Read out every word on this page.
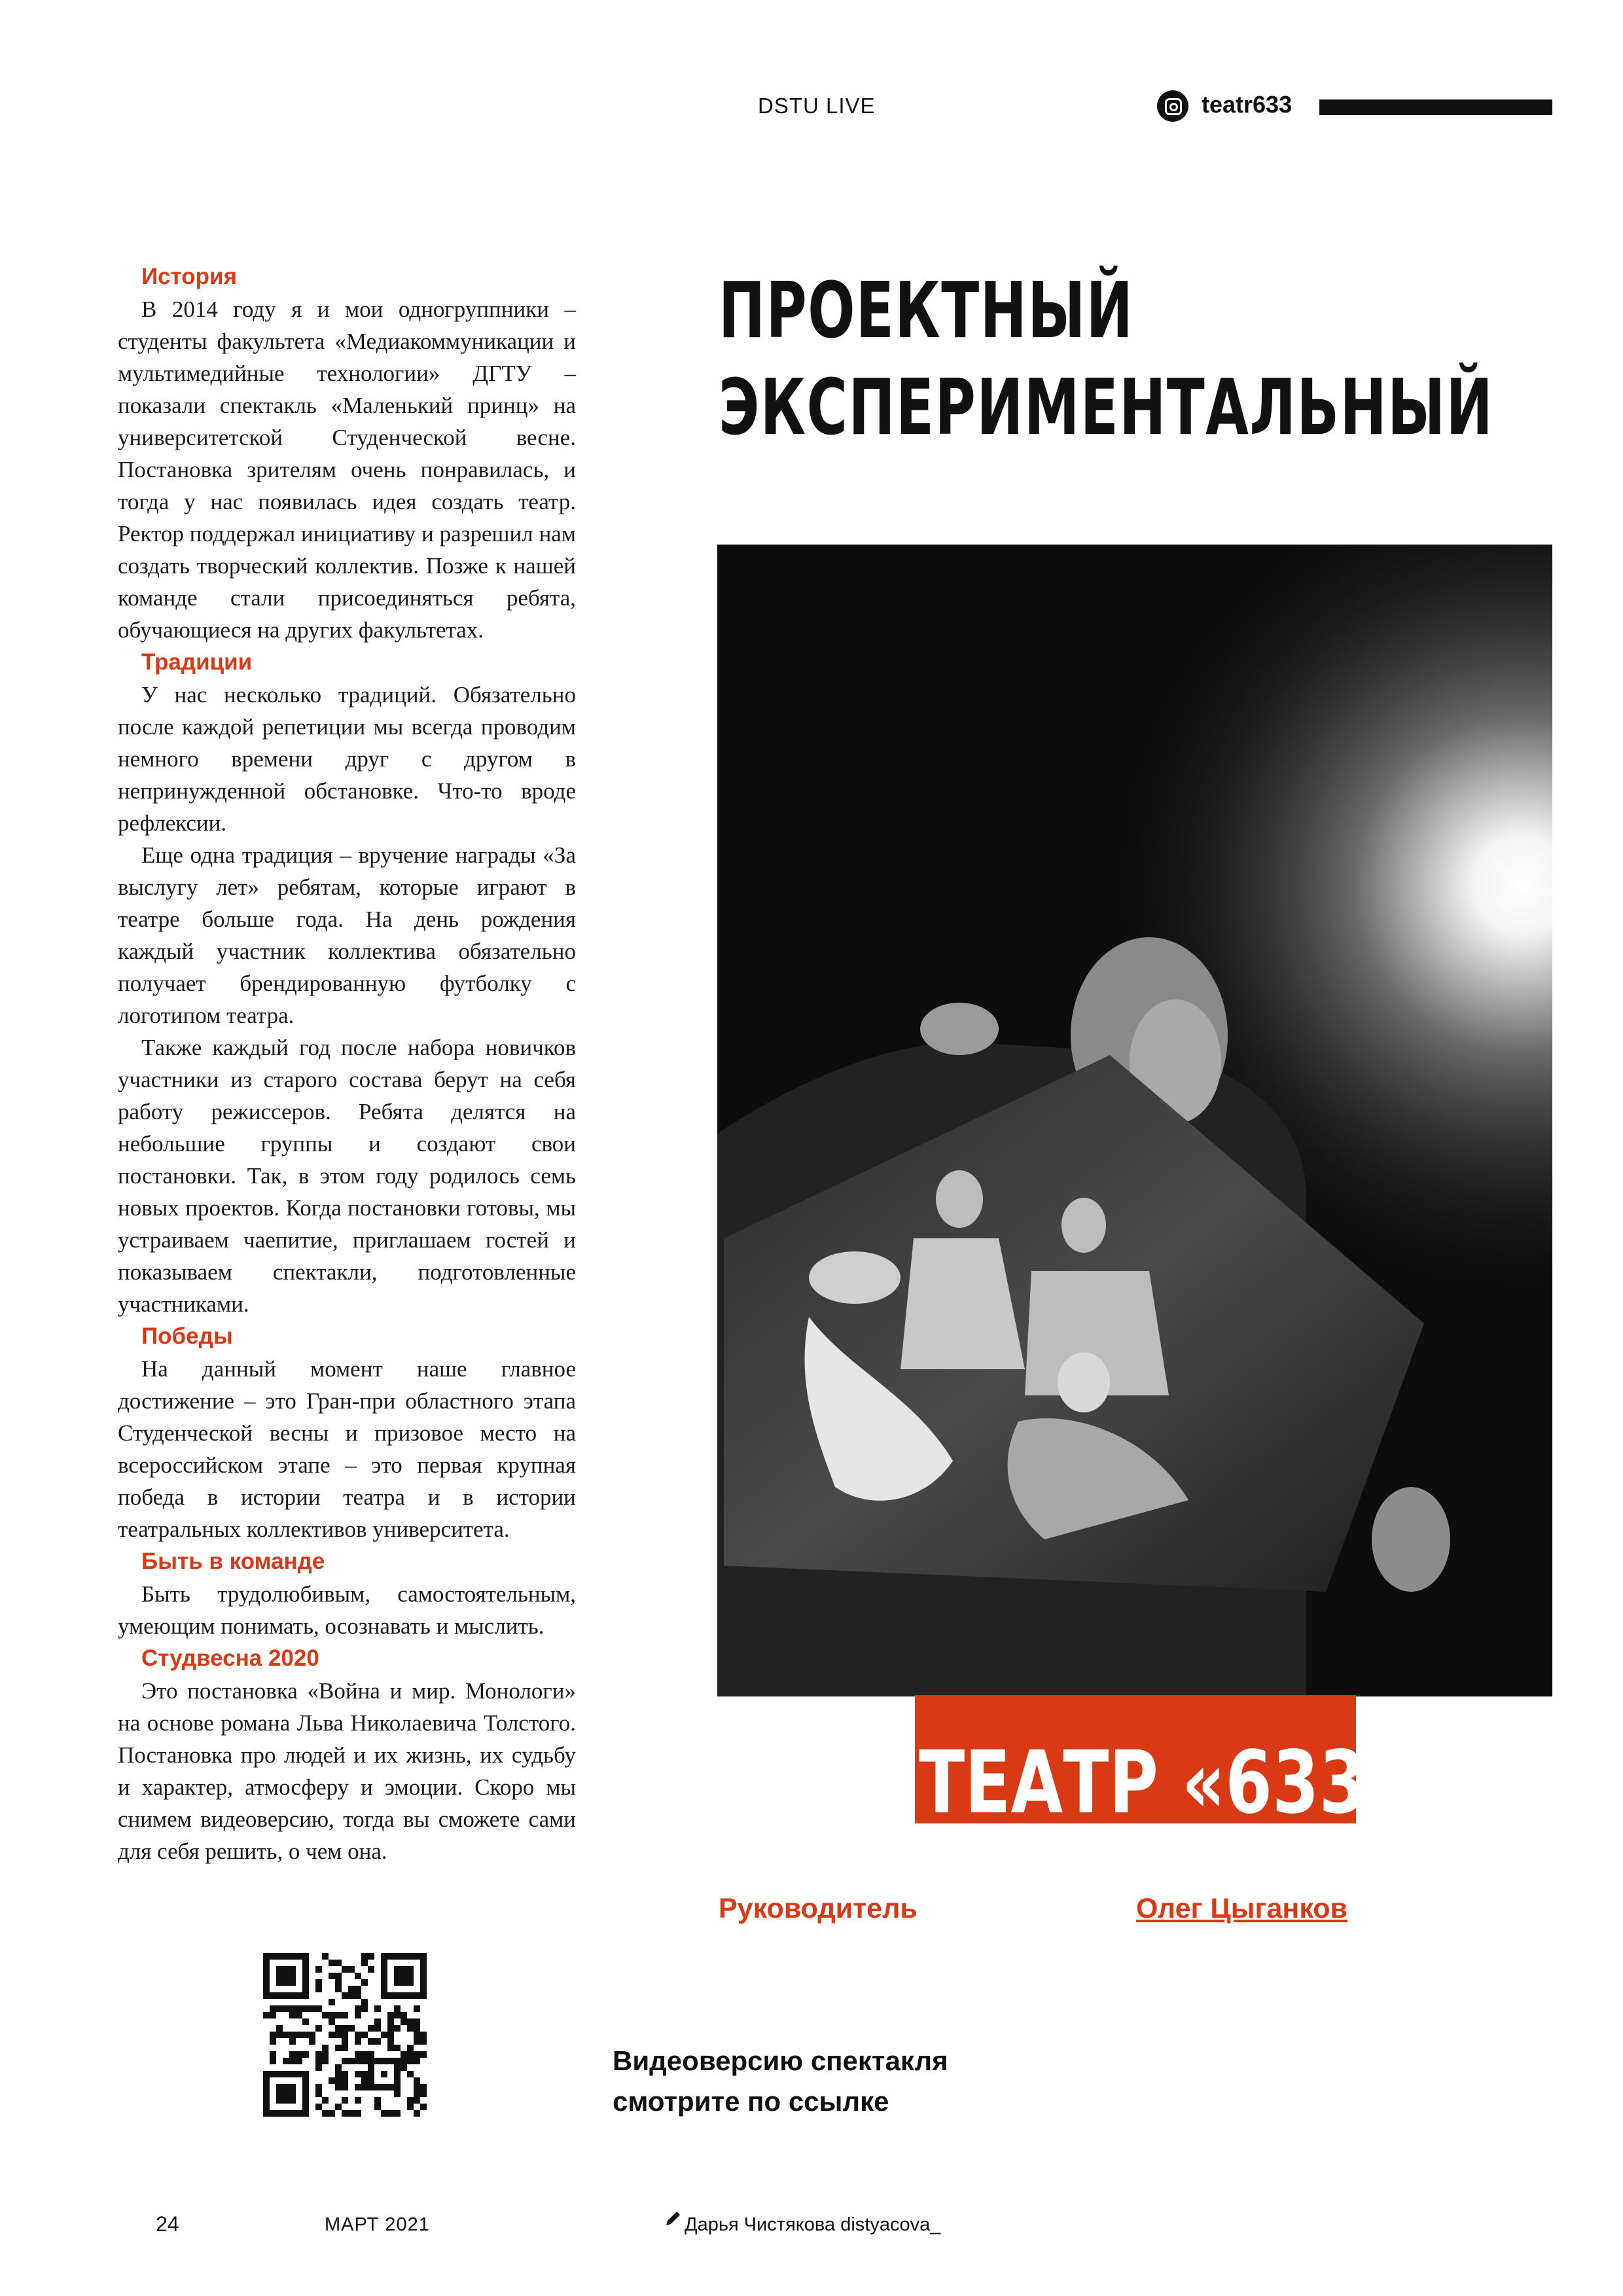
DSTU LIVE	teatr633
История

В 2014 году я и мои одногруппники – студенты факультета «Медиакоммуникации и мультимедийные технологии» ДГТУ – показали спектакль «Маленький принц» на университетской Студенческой весне. Постановка зрителям очень понравилась, и тогда у нас появилась идея создать театр. Ректор поддержал инициативу и разрешил нам создать творческий коллектив. Позже к нашей команде стали присоединяться ребята, обучающиеся на других факультетах.

Традиции

У нас несколько традиций. Обязательно после каждой репетиции мы всегда проводим немного времени друг с другом в непринужденной обстановке. Что-то вроде рефлексии.

Еще одна традиция – вручение награды «За выслугу лет» ребятам, которые играют в театре больше года. На день рождения каждый участник коллектива обязательно получает брендированную футболку с логотипом театра.

Также каждый год после набора новичков участники из старого состава берут на себя работу режиссеров. Ребята делятся на небольшие группы и создают свои постановки. Так, в этом году родилось семь новых проектов. Когда постановки готовы, мы устраиваем чаепитие, приглашаем гостей и показываем спектакли, подготовленные участниками.

Победы

На данный момент наше главное достижение – это Гран-при областного этапа Студенческой весны и призовое место на всероссийском этапе – это первая крупная победа в истории театра и в истории театральных коллективов университета.

Быть в команде

Быть трудолюбивым, самостоятельным, умеющим понимать, осознавать и мыслить.

Студвесна 2020

Это постановка «Война и мир. Монологи» на основе романа Льва Николаевича Толстого. Постановка про людей и их жизнь, их судьбу и характер, атмосферу и эмоции. Скоро мы снимем видеоверсию, тогда вы сможете сами для себя решить, о чем она.

ПРОЕКТНЫЙ
ЭКСПЕРИМЕНТАЛЬНЫЙ
ТЕАТР «633»
Руководитель	Олег Цыганков
Видеоверсию спектакля
смотрите по ссылке
24	МАРТ 2021	Дарья Чистякова distyacova_
